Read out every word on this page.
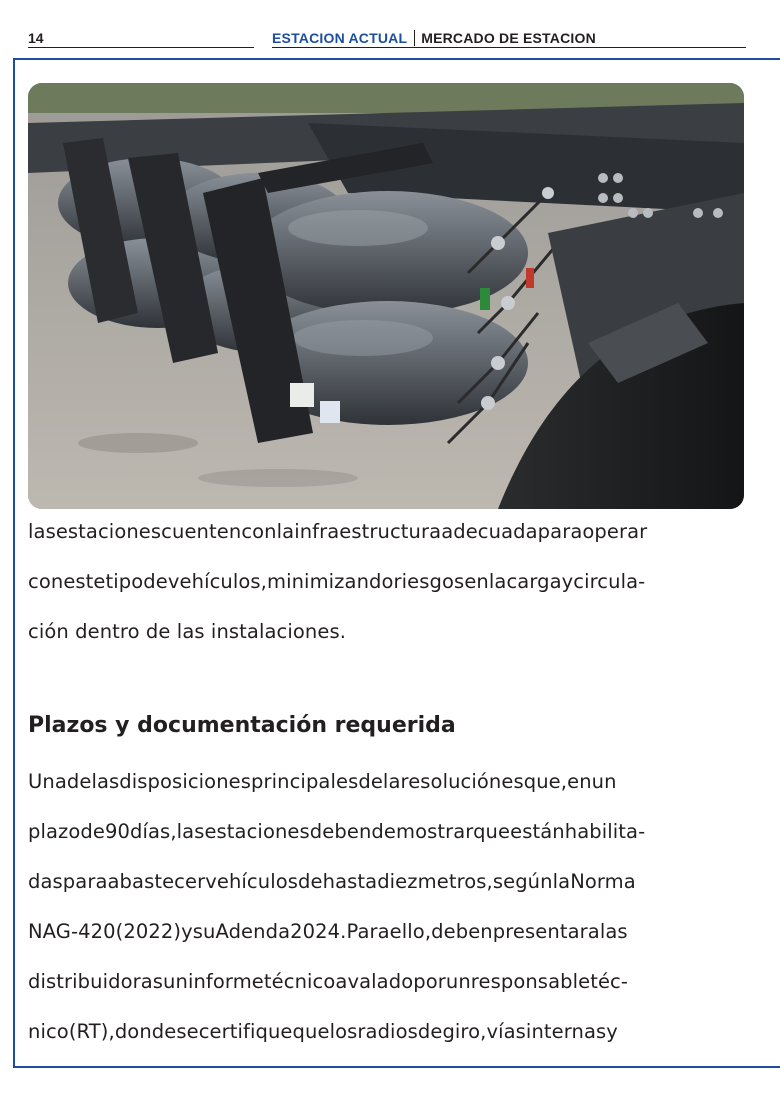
14	ESTACION ACTUAL MERCADO DE ESTACION
lasestacionescuentenconlainfraestructuraadecuadaparaoperar
conestetipodevehículos,minimizandoriesgosenlacargaycircula-
ción dentro de las instalaciones.
Plazos y documentación requerida
Unadelasdisposicionesprincipalesdelaresoluciónesque,enun
plazode90días,lasestacionesdebendemostrarqueestánhabilita-
dasparaabastecervehículosdehastadiezmetros,segúnlaNorma
NAG-420(2022)ysuAdenda2024.Paraello,debenpresentaralas
distribuidorasuninformetécnicoavaladoporunresponsabletéc-
nico(RT),dondesecertifiquequelosradiosdegiro,víasinternasy
